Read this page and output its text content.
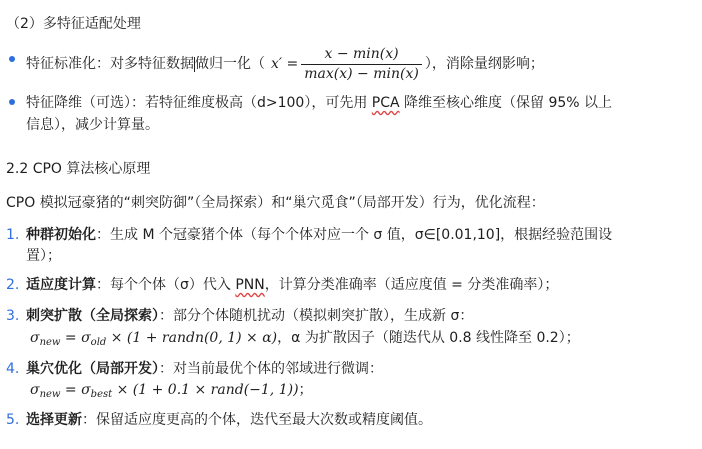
（2）多特征适配处理
特征标准化：对多特征数据 做归一化（ $x' = \frac{x - \min(x)}{\max(x) - \min(x)}$ ），消除量纲影响；
特征降维（可选）：若特征维度极高（d>100），可先用 PCA 降维至核心维度（保留 95% 以上
信息），减少计算量。
2.2 CPO 算法核心原理
CPO 模拟冠豪猪的“刺突防御”（全局探索）和“巢穴觅食”（局部开发）行为，优化流程：
1. 种群初始化：生成 M 个冠豪猪个体（每个个体对应一个 σ 值，σ∈[0.01,10]，根据经验范围设
置）；
2. 适应度计算：每个个体（σ）代入 PNN，计算分类准确率（适应度值 = 分类准确率）；
3. 刺突扩散（全局探索）：部分个体随机扰动（模拟刺突扩散），生成新 σ：
$\sigma_{new} = \sigma_{old} \times (1$ + randn(0, 1) × α)，α 为扩散因子（随迭代从 0.8 线性降至 0.2）；
4. 巢穴优化（局部开发）：对当前最优个体的邻域进行微调：
$\sigma_{new} = \sigma_{best} \times (1 + 0.1$ × rand(−1, 1))；
5. 选择更新：保留适应度更高的个体，迭代至最大次数或精度阈值。
